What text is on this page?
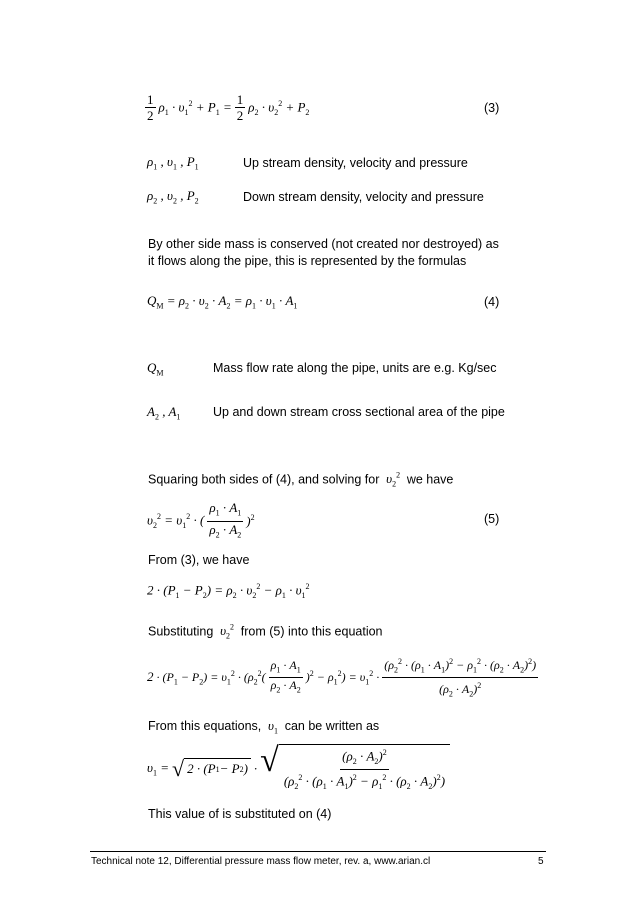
$\frac{1}{2} \rho_1 \cdot \upsilon_1^2 + P_1 = \frac{1}{2} \rho_2 \cdot \upsilon_2^2 + P_2$	(3)
$\rho_1$ , $\upsilon_1$ , $P_1$	Up stream density, velocity and pressure
$\rho_2$ , $\upsilon_2$ , $P_2$	Down stream density, velocity and pressure
By other side mass is conserved (not created nor destroyed) as it flows along the pipe, this is represented by the formulas
$Q_M = \rho_2 \cdot \upsilon_2 \cdot A_2 = \rho_1 \cdot \upsilon_1 \cdot A_1$	(4)
$Q_M$	Mass flow rate along the pipe, units are e.g. Kg/sec
$A_2$ , $A_1$	Up and down stream cross sectional area of the pipe
Squaring both sides of (4), and solving for  $\upsilon_2^2$ we have
$\upsilon_2^2 = \upsilon_1^2$ · ( $\frac{\rho_1 \cdot A_1}{\rho_2 \cdot A_2} )^2$	(5)
From (3), we have
$2 \cdot (P_1 - P_2) = \rho_2 \cdot \upsilon_2^2 - \rho_1 \cdot \upsilon_1^2$
Substituting  $\upsilon_2^2$ from (5) into this equation
$2 \cdot (P_1 - P_2) = \upsilon_1^2 \cdot (\rho_2^2( \frac{\rho_1 \cdot A_1}{\rho_2 \cdot A_2} )^2 - \rho_1^2) = \upsilon_1^2 \cdot \frac{(\rho_2^2 \cdot (\rho_1 \cdot A_1)^2 - \rho_1^2 \cdot (\rho_2 \cdot A_2)^2)}{(\rho_2 \cdot A_2)^2}$
From this equations,  $\upsilon_1$ can be written as
$\upsilon_1$ = √ 2 · (P 1 − P 2 ) · √ $\frac{(\rho_2 \cdot A_2)^2}{(\rho_2^2 \cdot (\rho_1 \cdot A_1)^2 - \rho_1^2 \cdot (\rho_2 \cdot A_2)^2)}$
This value of is substituted on (4)
Technical note 12, Differential pressure mass flow meter, rev. a, www.arian.cl	5
